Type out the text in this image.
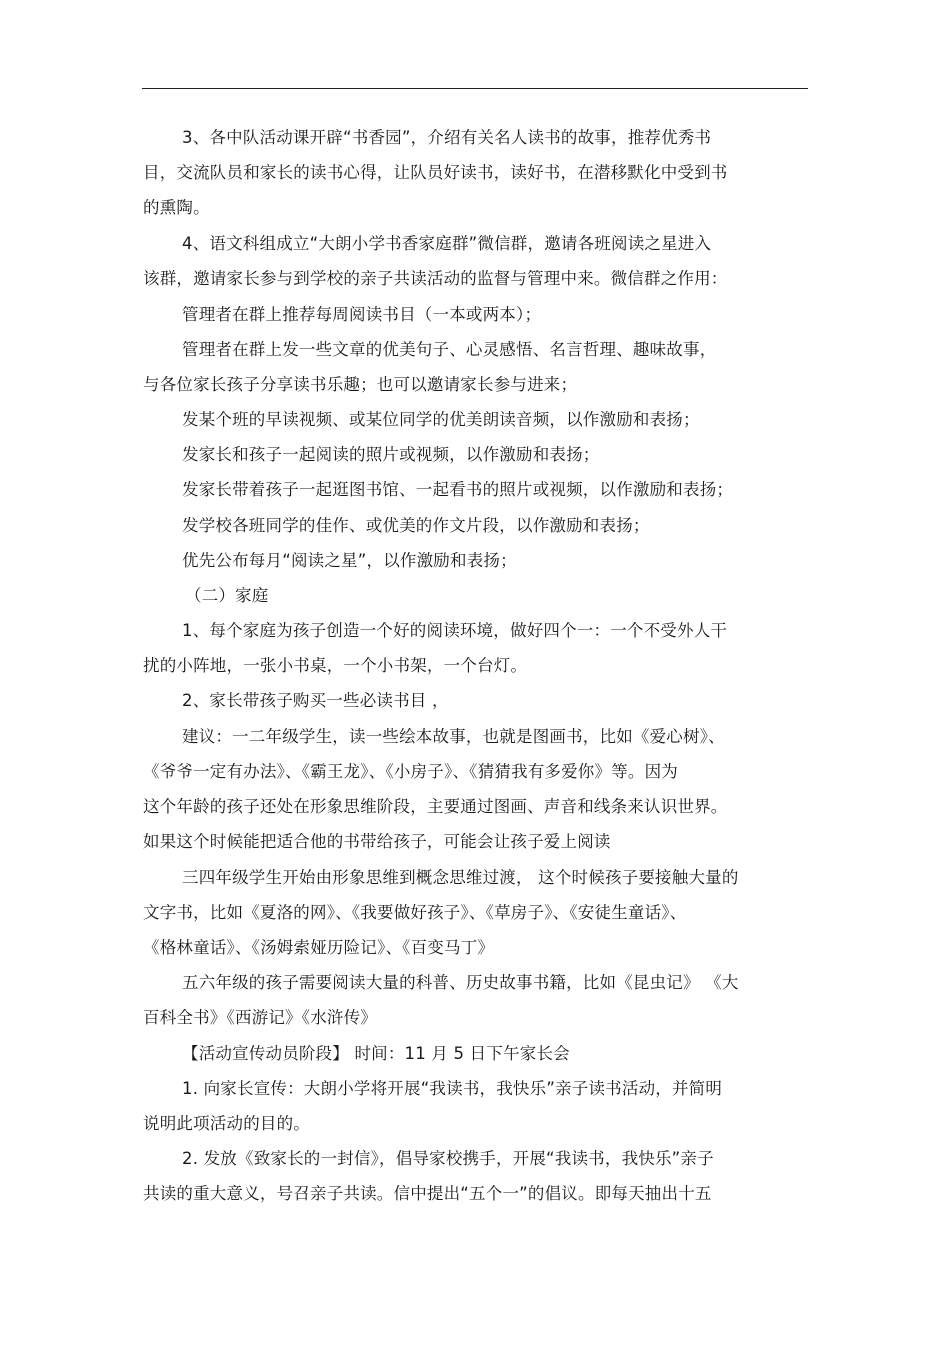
3、各中队活动课开辟“书香园”，介绍有关名人读书的故事，推荐优秀书
目，交流队员和家长的读书心得，让队员好读书，读好书，在潜移默化中受到书
的熏陶。
4、语文科组成立“大朗小学书香家庭群”微信群，邀请各班阅读之星进入
该群，邀请家长参与到学校的亲子共读活动的监督与管理中来。微信群之作用：
管理者在群上推荐每周阅读书目（一本或两本）；
管理者在群上发一些文章的优美句子、心灵感悟、名言哲理、趣味故事，
与各位家长孩子分享读书乐趣；也可以邀请家长参与进来；
发某个班的早读视频、或某位同学的优美朗读音频，以作激励和表扬；
发家长和孩子一起阅读的照片或视频，以作激励和表扬；
发家长带着孩子一起逛图书馆、一起看书的照片或视频，以作激励和表扬；
发学校各班同学的佳作、或优美的作文片段，以作激励和表扬；
优先公布每月“阅读之星”，以作激励和表扬；
（二）家庭
1、每个家庭为孩子创造一个好的阅读环境，做好四个一：一个不受外人干
扰的小阵地，一张小书桌，一个小书架，一个台灯。
2、家长带孩子购买一些必读书目 ，
建议：一二年级学生，读一些绘本故事，也就是图画书，比如《爱心树》、
《爷爷一定有办法》、《霸王龙》、《小房子》、《猜猜我有多爱你》等。因为
这个年龄的孩子还处在形象思维阶段，主要通过图画、声音和线条来认识世界。
如果这个时候能把适合他的书带给孩子，可能会让孩子爱上阅读
三四年级学生开始由形象思维到概念思维过渡， 这个时候孩子要接触大量的
文字书，比如《夏洛的网》、《我要做好孩子》、《草房子》、《安徒生童话》、
《格林童话》、《汤姆索娅历险记》、《百变马丁》
五六年级的孩子需要阅读大量的科普、历史故事书籍，比如《昆虫记》 《大
百科全书》《西游记》《水浒传》
【活动宣传动员阶段】 时间：11 月 5 日下午家长会
1. 向家长宣传：大朗小学将开展“我读书，我快乐”亲子读书活动，并简明
说明此项活动的目的。
2. 发放《致家长的一封信》，倡导家校携手，开展“我读书，我快乐”亲子
共读的重大意义，号召亲子共读。信中提出“五个一”的倡议。即每天抽出十五
